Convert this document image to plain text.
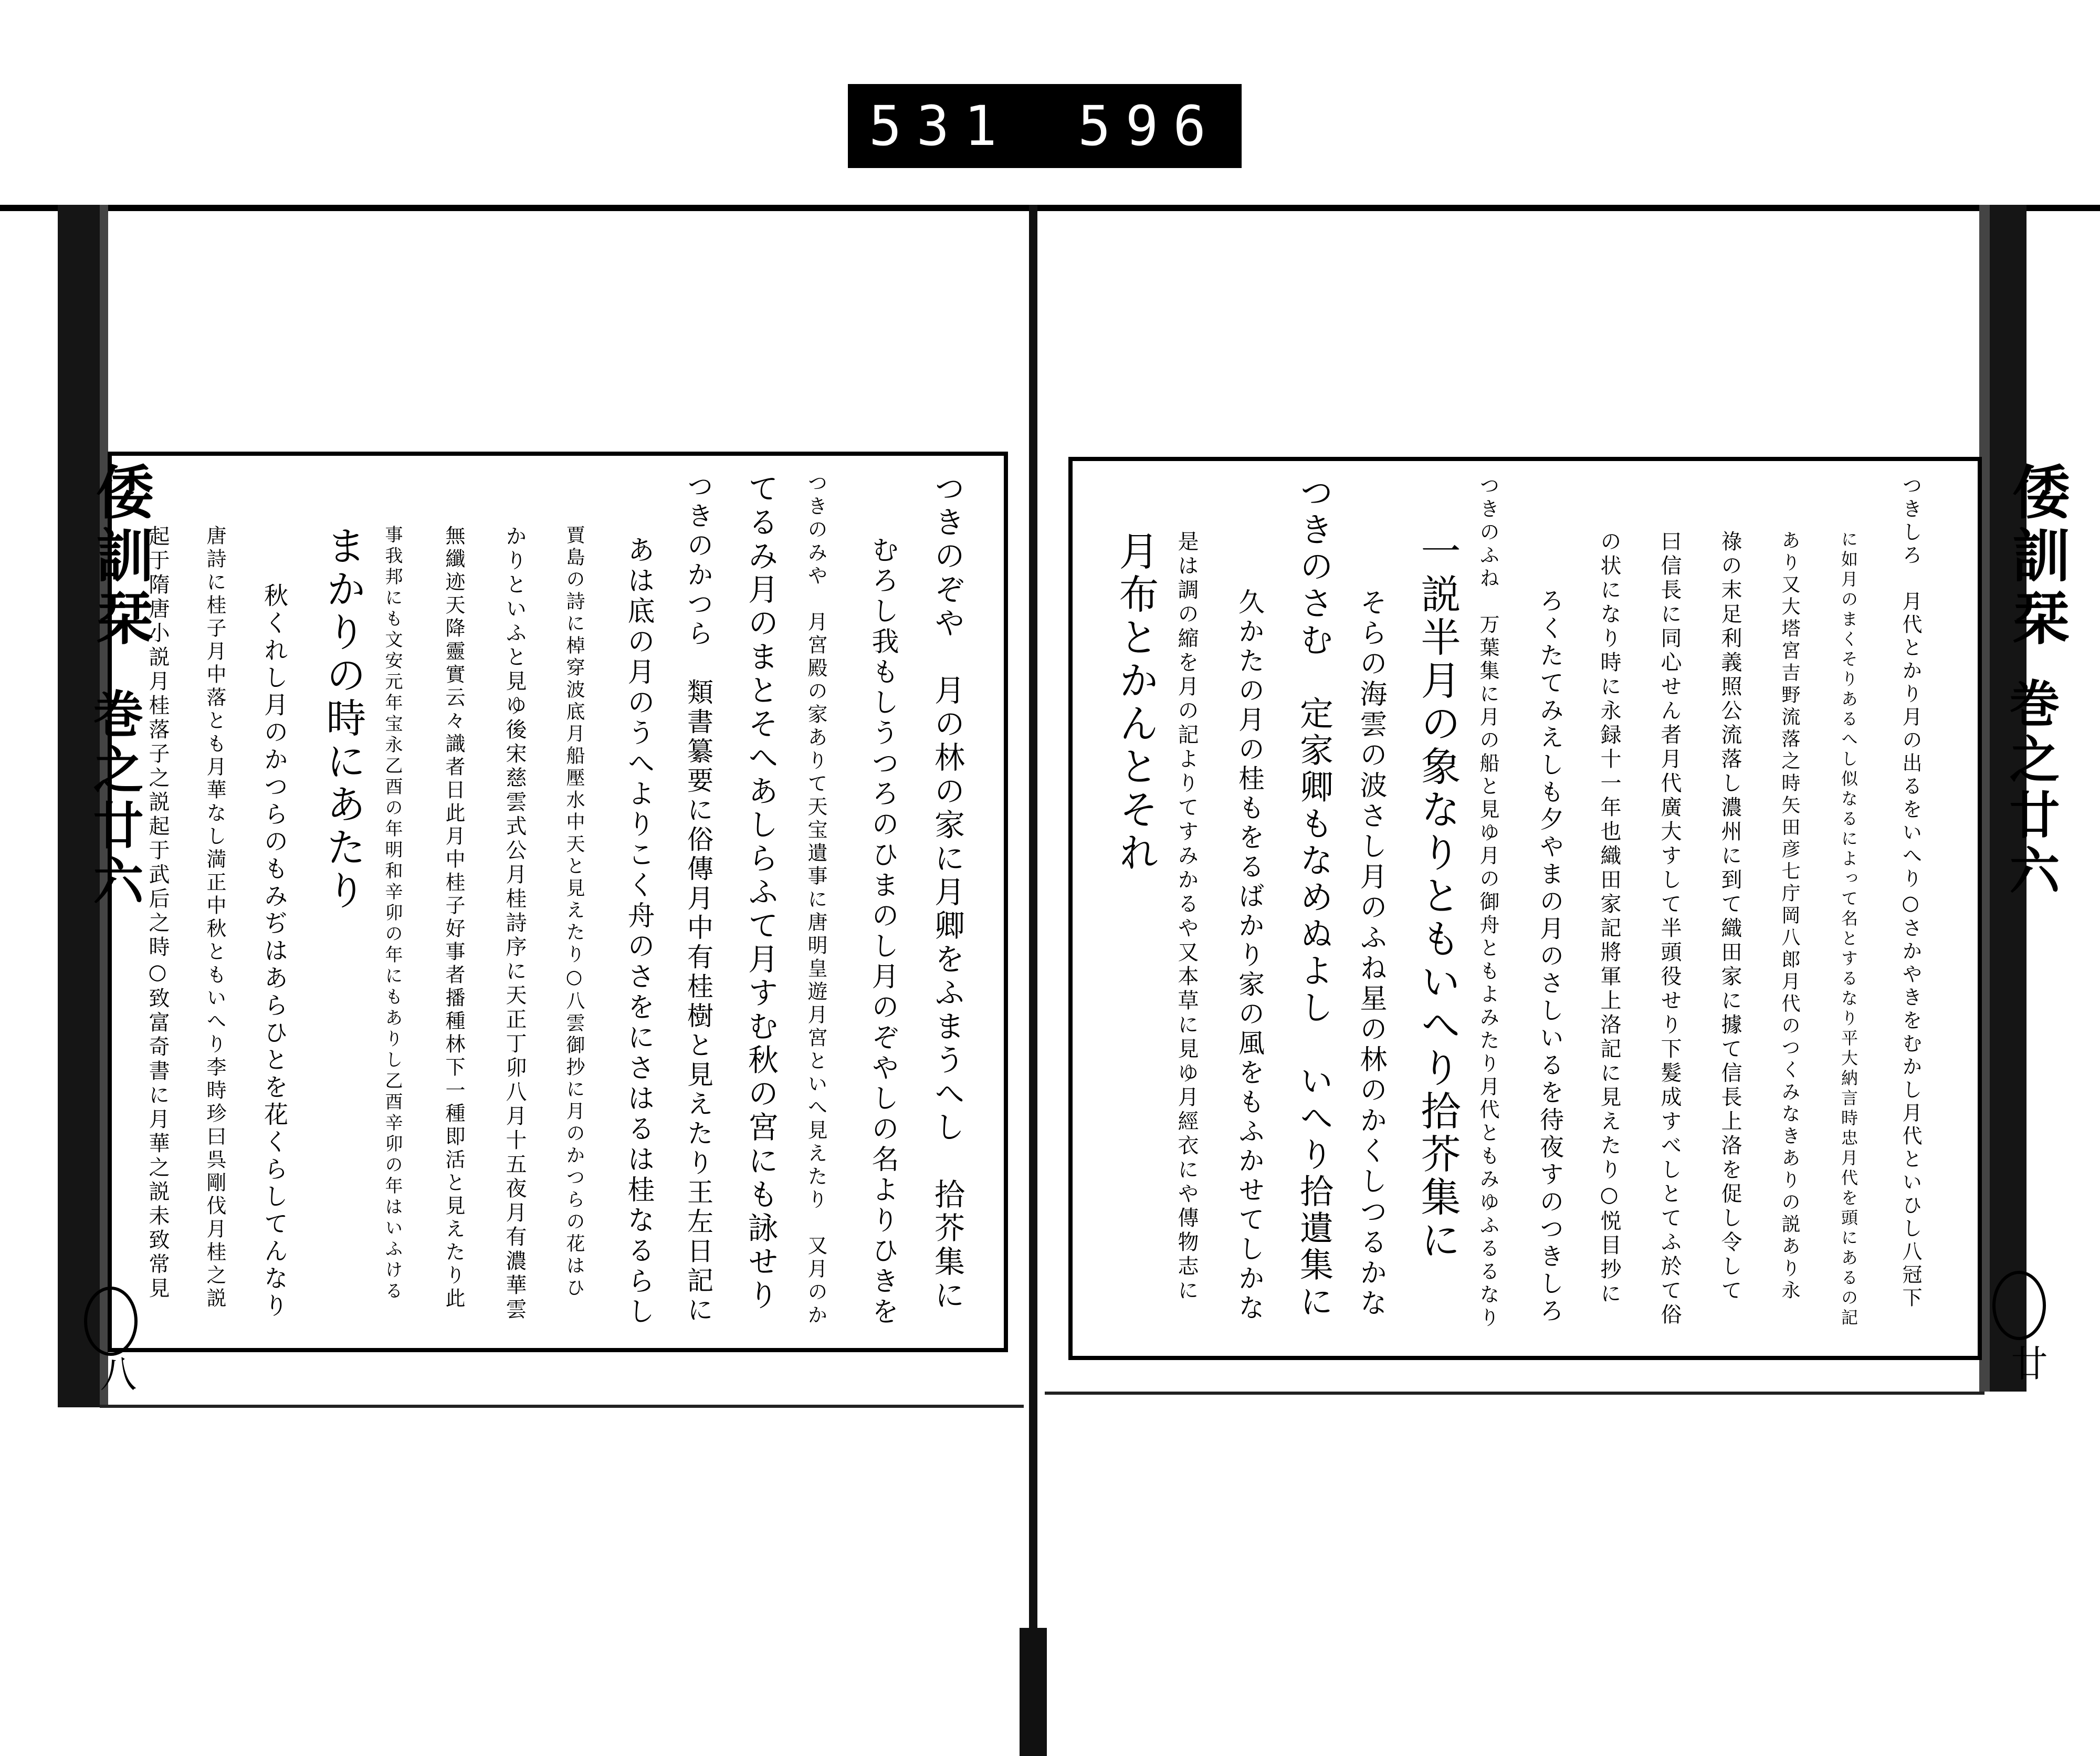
531 596
倭訓栞
巻之廿六
八
つきのぞや　月の林の家に月卿をふまうへし　拾芥集に
むろし我もしうつろのひまのし月のぞやしの名よりひきを
つきのみや　月宮殿の家ありて天宝遺事に唐明皇遊月宮といへ見えたり　又月のか
てるみ月のまとそへあしらふて月すむ秋の宮にも詠せり
つきのかつら　類書纂要に俗傳月中有桂樹と見えたり王左日記に
あは底の月のうへよりこく舟のさをにさはるは桂なるらし
賈島の詩に棹穿波底月船壓水中天と見えたり○八雲御抄に月のかつらの花はひ
かりといふと見ゆ後宋慈雲式公月桂詩序に天正丁卯八月十五夜月有濃華雲
無纖迹天降靈實云々識者日此月中桂子好事者播種林下一種即活と見えたり此
事我邦にも文安元年宝永乙酉の年明和辛卯の年にもありし乙酉辛卯の年はいふける
まかりの時にあたり
秋くれし月のかつらのもみぢはあらひとを花くらしてんなり
唐詩に桂子月中落とも月華なし満正中秋ともいへり李時珍曰呉剛伐月桂之説
起于隋唐小説月桂落子之説起于武后之時○致富奇書に月華之説未致常見	倭訓栞
巻之廿六
廿
つきしろ　月代とかり月の出るをいへり○さかやきをむかし月代といひし八冠下
に如月のまくそりあるへし似なるによって名とするなり平大納言時忠月代を頭にあるの記
あり又大塔宮吉野流落之時矢田彦七庁岡八郎月代のつくみなきありの説あり永
祿の末足利義照公流落し濃州に到て織田家に據て信長上洛を促し令して
曰信長に同心せん者月代廣大すして半頭役せり下髮成すべしとてふ於て俗
の状になり時に永録十一年也織田家記將軍上洛記に見えたり○悦目抄に
ろくたてみえしも夕やまの月のさしいるを待夜すのつきしろ
つきのふね　万葉集に月の船と見ゆ月の御舟ともよみたり月代ともみゆふるるなり
一説半月の象なりともいへり拾芥集に
そらの海雲の波さし月のふね星の林のかくしつるかな
つきのさむ　定家卿もなめぬよし　いへり拾遺集に
久かたの月の桂もをるばかり家の風をもふかせてしかな
是は調の縮を月の記よりてすみかるや又本草に見ゆ月經衣にや傳物志に
月布とかんとそれ
